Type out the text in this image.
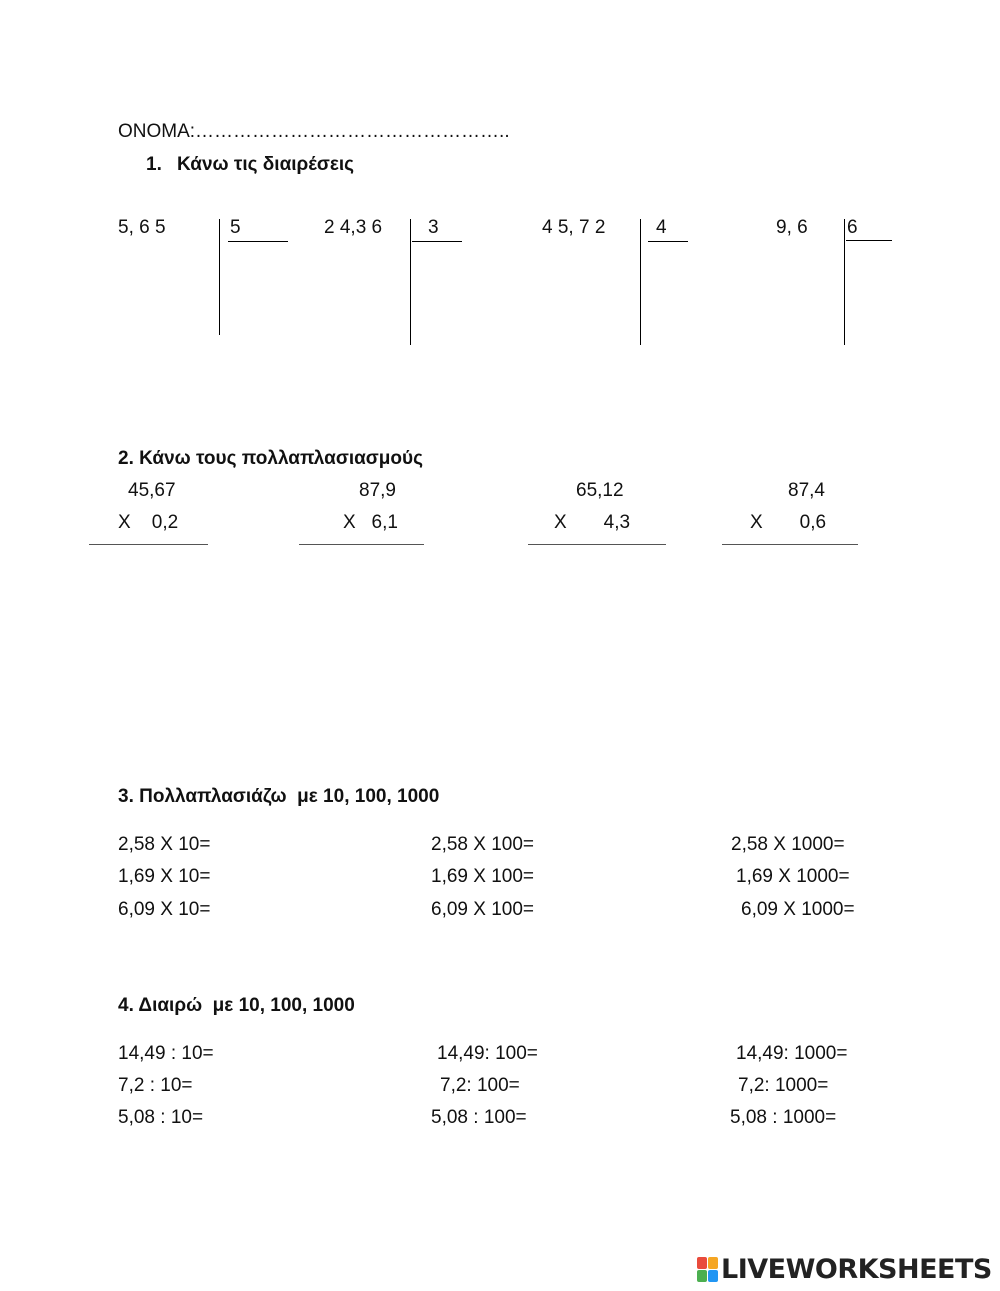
ΟΝΟΜΑ:…………………………………………..
1. Κάνω τις διαιρέσεις
5, 6 5	5	2 4,3 6 3	4 5, 7 2	4	9, 6 6
2. Κάνω τους πολλαπλασιασμούς
45,67
X    0,2
87,9
X   6,1
65,12
X       4,3
87,4
X       0,6
3. Πολλαπλασιάζω  με 10, 100, 1000
2,58 X 10=	2,58 X 100=	2,58 X 1000=
1,69 X 10=	1,69 X 100=	1,69 X 1000=
6,09 X 10=	6,09 X 100=	6,09 X 1000=
4. Διαιρώ  με 10, 100, 1000
14,49 : 10=	14,49: 100=	14,49: 1000=
7,2 : 10=	7,2: 100=	7,2: 1000=
5,08 : 10=	5,08 : 100=	5,08 : 1000=
LIVEWORKSHEETS
